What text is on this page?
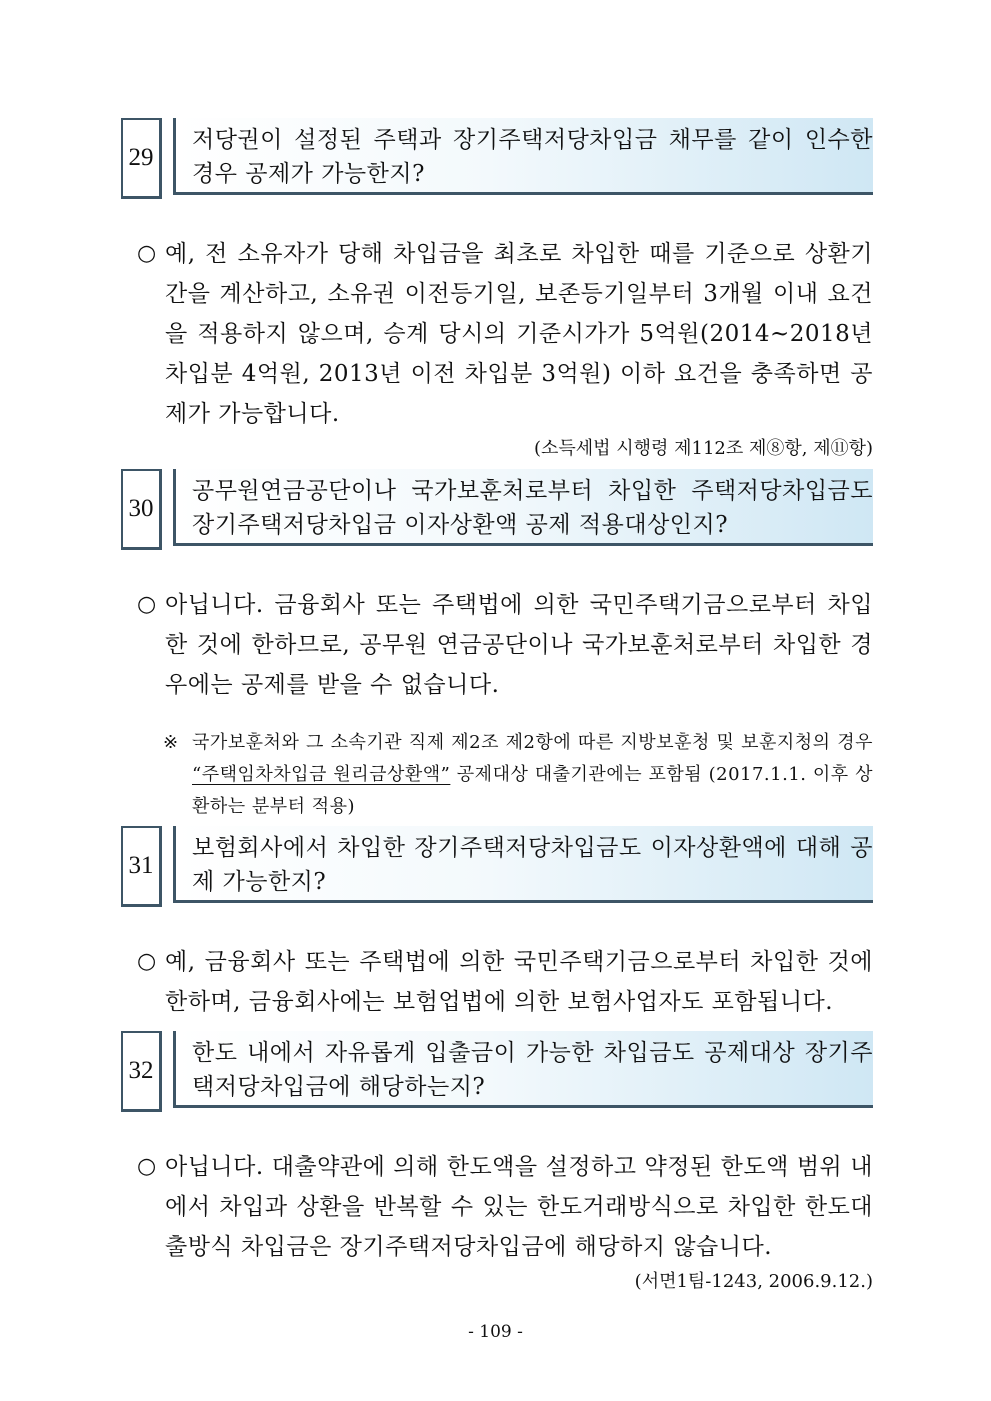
29
저당권이 설정된 주택과 장기주택저당차입금 채무를 같이 인수한 경우 공제가 가능한지?
○ 예, 전 소유자가 당해 차입금을 최초로 차입한 때를 기준으로 상환기간을 계산하고, 소유권 이전등기일, 보존등기일부터 3개월 이내 요건을 적용하지 않으며, 승계 당시의 기준시가가 5억원(2014~2018년 차입분 4억원, 2013년 이전 차입분 3억원) 이하 요건을 충족하면 공제가 가능합니다.
(소득세법 시행령 제112조 제⑧항, 제⑪항)
30
공무원연금공단이나 국가보훈처로부터 차입한 주택저당차입금도 장기주택저당차입금 이자상환액 공제 적용대상인지?
○ 아닙니다. 금융회사 또는 주택법에 의한 국민주택기금으로부터 차입한 것에 한하므로, 공무원 연금공단이나 국가보훈처로부터 차입한 경우에는 공제를 받을 수 없습니다.
※ 국가보훈처와 그 소속기관 직제 제2조 제2항에 따른 지방보훈청 및 보훈지청의 경우 “주택임차차입금 원리금상환액” 공제대상 대출기관에는 포함됨 (2017.1.1. 이후 상환하는 분부터 적용)
31
보험회사에서 차입한 장기주택저당차입금도 이자상환액에 대해 공제 가능한지?
○ 예, 금융회사 또는 주택법에 의한 국민주택기금으로부터 차입한 것에 한하며, 금융회사에는 보험업법에 의한 보험사업자도 포함됩니다.
32
한도 내에서 자유롭게 입출금이 가능한 차입금도 공제대상 장기주택저당차입금에 해당하는지?
○ 아닙니다. 대출약관에 의해 한도액을 설정하고 약정된 한도액 범위 내에서 차입과 상환을 반복할 수 있는 한도거래방식으로 차입한 한도대출방식 차입금은 장기주택저당차입금에 해당하지 않습니다.
(서면1팀-1243, 2006.9.12.)
- 109 -
